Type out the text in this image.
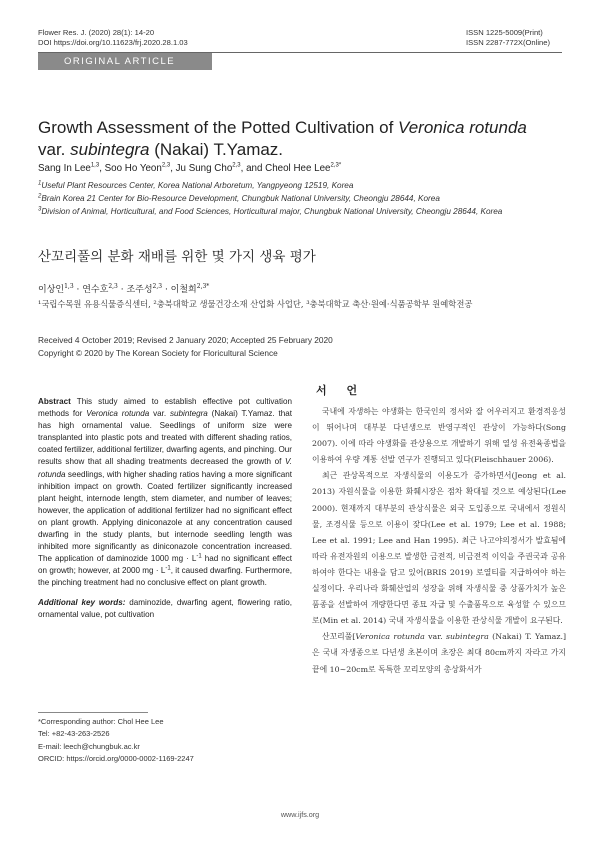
Flower Res. J. (2020) 28(1): 14-20
DOI https://doi.org/10.11623/frj.2020.28.1.03
ISSN 1225-5009(Print)
ISSN 2287-772X(Online)
ORIGINAL ARTICLE
Growth Assessment of the Potted Cultivation of Veronica rotunda
var. subintegra (Nakai) T.Yamaz.
Sang In Lee$^{1,3}$, Soo Ho Yeon$^{2,3}$, Ju Sung Cho$^{2,3}$, and Cheol Hee Lee$^{2,3*}$
$^1$Useful Plant Resources Center, Korea National Arboretum, Yangpyeong 12519, Korea
$^2$Brain Korea 21 Center for Bio-Resource Development, Chungbuk National University, Cheongju 28644, Korea
$^3$Division of Animal, Horticultural, and Food Sciences, Horticultural major, Chungbuk National University, Cheongju 28644, Korea
산꼬리풀의 분화 재배를 위한 몇 가지 생육 평가
이상인$^{1,3}$ · 연수호$^{2,3}$ · 조주성$^{2,3}$ · 이철희$^{2,3*}$
¹국립수목원 유용식물증식센터, ²충북대학교 생물건강소재 산업화 사업단, ³충북대학교 축산·원예·식품공학부 원예학전공
Received 4 October 2019; Revised 2 January 2020; Accepted 25 February 2020
Copyright © 2020 by The Korean Society for Floricultural Science
Abstract This study aimed to establish effective pot cultivation methods for Veronica rotunda var. subintegra (Nakai) T.Yamaz. that has high ornamental value. Seedlings of uniform size were transplanted into plastic pots and treated with different shading ratios, coated fertilizer, additional fertilizer, dwarfing agents, and pinching. Our results show that all shading treatments decreased the growth of V. rotunda seedlings, with higher shading ratios having a more significant inhibition impact on growth. Coated fertilizer significantly increased plant height, internode length, stem diameter, and number of leaves; however, the application of additional fertilizer had no significant effect on plant growth. Applying diniconazole at any concentration caused dwarfing in the study plants, but internode seedling length was inhibited more significantly as diniconazole concentration increased. The application of daminozide 1000 mg · $L^{-1}$ had no significant effect on growth; however, at 2000 mg · $L^{-1}$, it caused dwarfing. Furthermore, the pinching treatment had no conclusive effect on plant growth.
Additional key words: daminozide, dwarfing agent, flowering ratio, ornamental value, pot cultivation
서 언

국내에 자생하는 야생화는 한국인의 정서와 잘 어우러지고 환경적응성이 뛰어나며 대부분 다년생으로 반영구적인 관상이 가능하다(Song 2007). 이에 따라 야생화를 관상용으로 개발하기 위해 열성 유전육종법을 이용하여 우량 계통 선발 연구가 진행되고 있다(Fleischhauer 2006).

최근 관상목적으로 자생식물의 이용도가 증가하면서(Jeong et al. 2013) 자원식물을 이용한 화훼시장은 점차 확대될 것으로 예상된다(Lee 2000). 현재까지 대부분의 관상식물은 외국 도입종으로 국내에서 정원식물, 조경식물 등으로 이용이 잦다(Lee et al. 1979; Lee et al. 1988; Lee et al. 1991; Lee and Han 1995). 최근 나고야의정서가 발효됨에 따라 유전자원의 이용으로 발생한 금전적, 비금전적 이익을 주권국과 공유하여야 한다는 내용을 담고 있어(BRIS 2019) 로열티를 지급하여야 하는 실정이다. 우리나라 화훼산업의 성장을 위해 자생식물 중 상품가치가 높은 품종을 선발하여 개량한다면 종묘 자급 및 수출품목으로 육성할 수 있으므로(Min et al. 2014) 국내 자생식물을 이용한 관상식물 개발이 요구된다.

산꼬리풀[Veronica rotunda var. subintegra (Nakai) T. Yamaz.]은 국내 자생종으로 다년생 초본이며 초장은 최대 80cm까지 자라고 가지 끝에 10~20cm로 독특한 꼬리모양의 총상화서가

*Corresponding author: Chol Hee Lee
Tel: +82-43-263-2526
E-mail: leech@chungbuk.ac.kr
ORCID: https://orcid.org/0000-0002-1169-2247
www.ijfs.org
